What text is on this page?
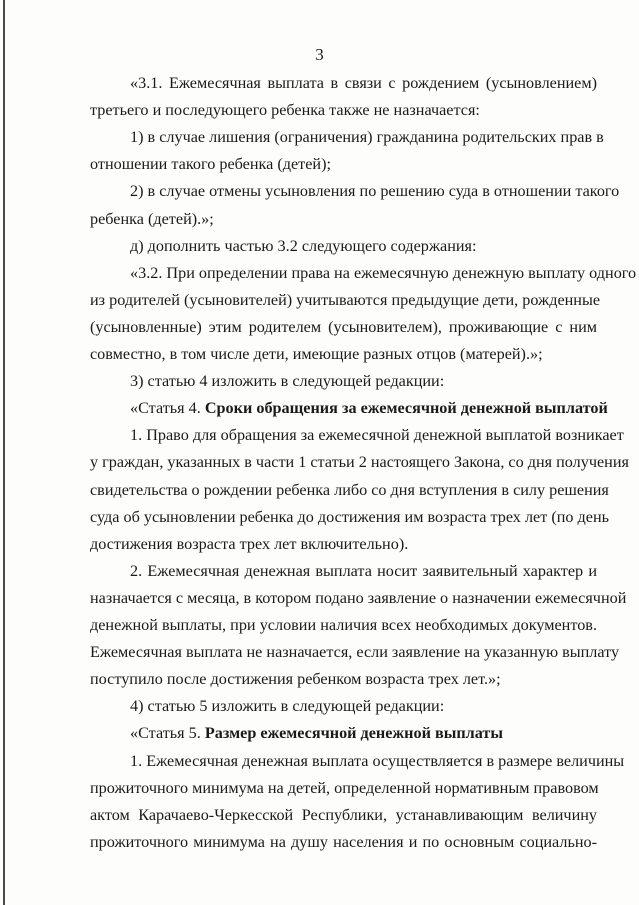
3
«3.1. Ежемесячная выплата в связи с рождением (усыновлением)
третьего и последующего ребенка также не назначается:
1) в случае лишения (ограничения) гражданина родительских прав в
отношении такого ребенка (детей);
2) в случае отмены усыновления по решению суда в отношении такого
ребенка (детей).»;
д) дополнить частью 3.2 следующего содержания:
«3.2. При определении права на ежемесячную денежную выплату одного
из родителей (усыновителей) учитываются предыдущие дети, рожденные
(усыновленные) этим родителем (усыновителем), проживающие с ним
совместно, в том числе дети, имеющие разных отцов (матерей).»;
3) статью 4 изложить в следующей редакции:
«Статья 4. Сроки обращения за ежемесячной денежной выплатой
1. Право для обращения за ежемесячной денежной выплатой возникает
у граждан, указанных в части 1 статьи 2 настоящего Закона, со дня получения
свидетельства о рождении ребенка либо со дня вступления в силу решения
суда об усыновлении ребенка до достижения им возраста трех лет (по день
достижения возраста трех лет включительно).
2. Ежемесячная денежная выплата носит заявительный характер и
назначается с месяца, в котором подано заявление о назначении ежемесячной
денежной выплаты, при условии наличия всех необходимых документов.
Ежемесячная выплата не назначается, если заявление на указанную выплату
поступило после достижения ребенком возраста трех лет.»;
4) статью 5 изложить в следующей редакции:
«Статья 5. Размер ежемесячной денежной выплаты
1. Ежемесячная денежная выплата осуществляется в размере величины
прожиточного минимума на детей, определенной нормативным правовом
актом Карачаево-Черкесской Республики, устанавливающим величину
прожиточного минимума на душу населения и по основным социально-
